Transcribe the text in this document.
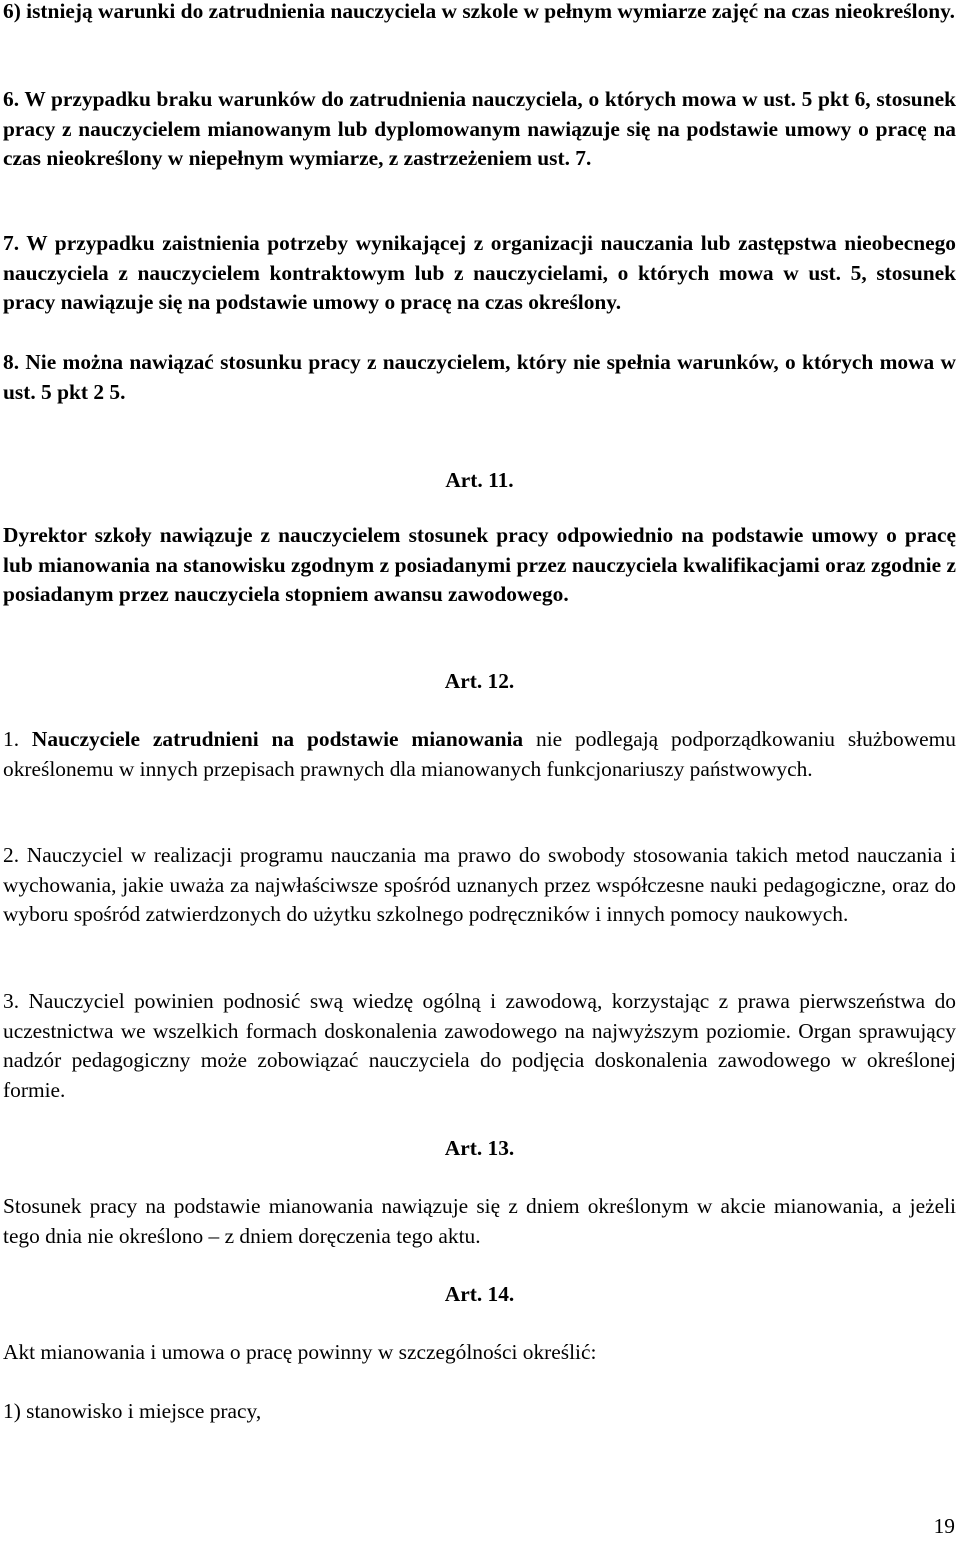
6) istnieją warunki do zatrudnienia nauczyciela w szkole w pełnym wymiarze zajęć na czas nieokreślony.

6. W przypadku braku warunków do zatrudnienia nauczyciela, o których mowa w ust. 5 pkt 6, stosunek pracy z nauczycielem mianowanym lub dyplomowanym nawiązuje się na podstawie umowy o pracę na czas nieokreślony w niepełnym wymiarze, z zastrzeżeniem ust. 7.

7. W przypadku zaistnienia potrzeby wynikającej z organizacji nauczania lub zastępstwa nieobecnego nauczyciela z nauczycielem kontraktowym lub z nauczycielami, o których mowa w ust. 5, stosunek pracy nawiązuje się na podstawie umowy o pracę na czas określony.

8. Nie można nawiązać stosunku pracy z nauczycielem, który nie spełnia warunków, o których mowa w ust. 5 pkt 2 5.

Art. 11.

Dyrektor szkoły nawiązuje z nauczycielem stosunek pracy odpowiednio na podstawie umowy o pracę lub mianowania na stanowisku zgodnym z posiadanymi przez nauczyciela kwalifikacjami oraz zgodnie z posiadanym przez nauczyciela stopniem awansu zawodowego.

Art. 12.

1. Nauczyciele zatrudnieni na podstawie mianowania nie podlegają podporządkowaniu służbowemu określonemu w innych przepisach prawnych dla mianowanych funkcjonariuszy państwowych.

2. Nauczyciel w realizacji programu nauczania ma prawo do swobody stosowania takich metod nauczania i wychowania, jakie uważa za najwłaściwsze spośród uznanych przez współczesne nauki pedagogiczne, oraz do wyboru spośród zatwierdzonych do użytku szkolnego podręczników i innych pomocy naukowych.

3. Nauczyciel powinien podnosić swą wiedzę ogólną i zawodową, korzystając z prawa pierwszeństwa do uczestnictwa we wszelkich formach doskonalenia zawodowego na najwyższym poziomie. Organ sprawujący nadzór pedagogiczny może zobowiązać nauczyciela do podjęcia doskonalenia zawodowego w określonej formie.

Art. 13.

Stosunek pracy na podstawie mianowania nawiązuje się z dniem określonym w akcie mianowania, a jeżeli tego dnia nie określono – z dniem doręczenia tego aktu.

Art. 14.

Akt mianowania i umowa o pracę powinny w szczególności określić:

1) stanowisko i miejsce pracy,

19
